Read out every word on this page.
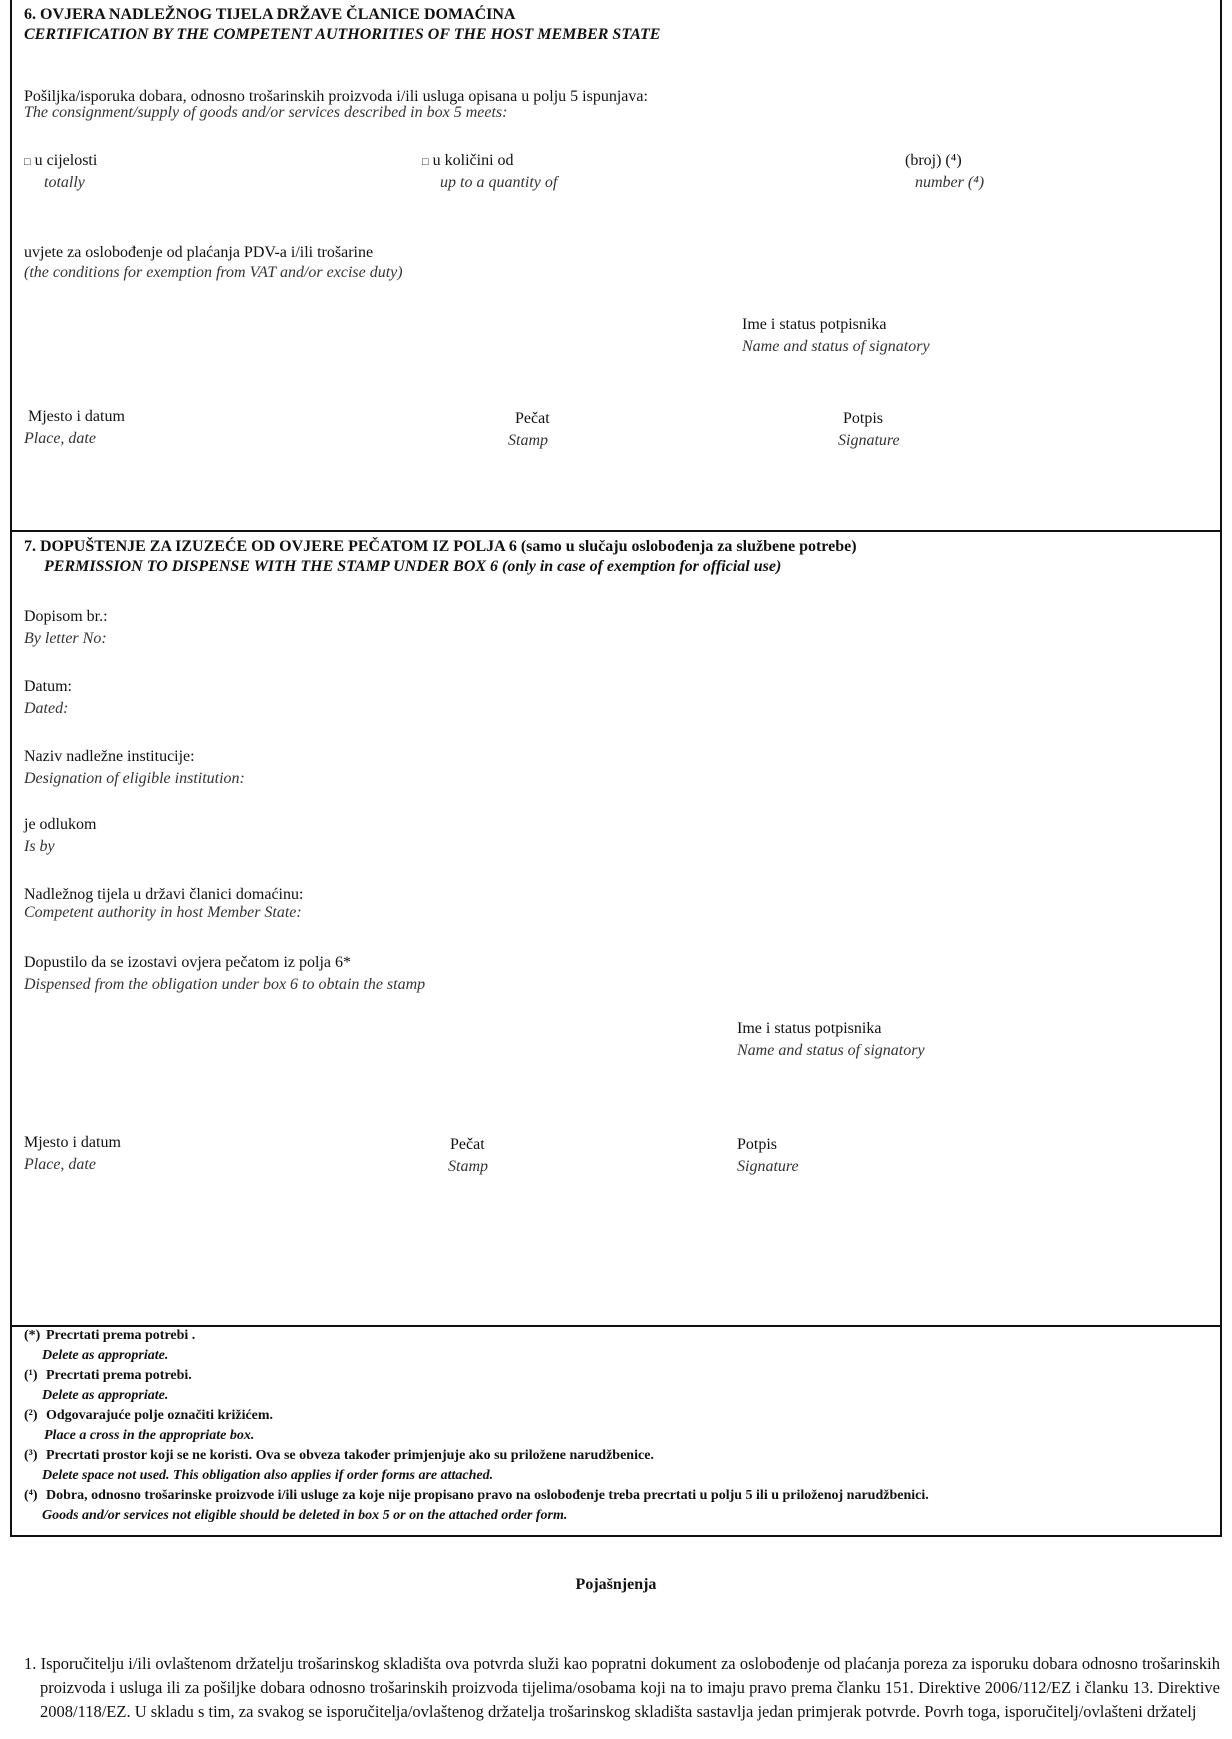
6. OVJERA NADLEŽNOG TIJELA DRŽAVE ČLANICE DOMAĆINA
CERTIFICATION BY THE COMPETENT AUTHORITIES OF THE HOST MEMBER STATE
Pošiljka/isporuka dobara, odnosno trošarinskih proizvoda i/ili usluga opisana u polju 5 ispunjava:
The consignment/supply of goods and/or services described in box 5 meets:
□ u cijelosti
totally
□ u količini od
up to a quantity of
(broj) (⁴)
number (⁴)
uvjete za oslobođenje od plaćanja PDV-a i/ili trošarine
(the conditions for exemption from VAT and/or excise duty)
Ime i status potpisnika
Name and status of signatory
Mjesto i datum
Place, date
Pečat
Stamp
Potpis
Signature
7. DOPUŠTENJE ZA IZUZEĆE OD OVJERE PEČATOM IZ POLJA 6 (samo u slučaju oslobođenja za službene potrebe)
PERMISSION TO DISPENSE WITH THE STAMP UNDER BOX 6 (only in case of exemption for official use)
Dopisom br.:
By letter No:
Datum:
Dated:
Naziv nadležne institucije:
Designation of eligible institution:
je odlukom
Is by
Nadležnog tijela u državi članici domaćinu:
Competent authority in host Member State:
Dopustilo da se izostavi ovjera pečatom iz polja 6*
Dispensed from the obligation under box 6 to obtain the stamp
Ime i status potpisnika
Name and status of signatory
Mjesto i datum
Place, date
Pečat
Stamp
Potpis
Signature
(*) Precrtati prema potrebi .
Delete as appropriate.
(¹) Precrtati prema potrebi.
Delete as appropriate.
(²) Odgovarajuće polje označiti križićem.
Place a cross in the appropriate box.
(³) Precrtati prostor koji se ne koristi. Ova se obveza također primjenjuje ako su priložene narudžbenice.
Delete space not used. This obligation also applies if order forms are attached.
(⁴) Dobra, odnosno trošarinske proizvode i/ili usluge za koje nije propisano pravo na oslobođenje treba precrtati u polju 5 ili u priloženoj narudžbenici.
Goods and/or services not eligible should be deleted in box 5 or on the attached order form.
Pojašnjenja
1. Isporučitelju i/ili ovlaštenom držatelju trošarinskog skladišta ova potvrda služi kao popratni dokument za oslobođenje od plaćanja poreza za isporuku dobara odnosno trošarinskih proizvoda i usluga ili za pošiljke dobara odnosno trošarinskih proizvoda tijelima/osobama koji na to imaju pravo prema članku 151. Direktive 2006/112/EZ i članku 13. Direktive 2008/118/EZ. U skladu s tim, za svakog se isporučitelja/ovlaštenog držatelja trošarinskog skladišta sastavlja jedan primjerak potvrde. Povrh toga, isporučitelj/ovlašteni držatelj
